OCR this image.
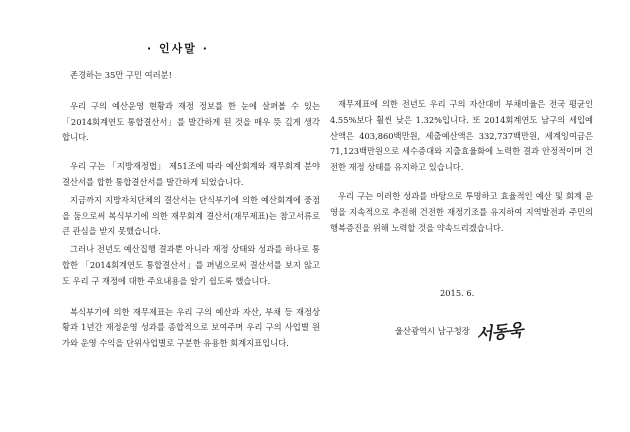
· 인사말 ·

존경하는 35만 구민 여러분!

우리 구의 예산운영 현황과 재정 정보를 한 눈에 살펴볼 수 있는 「2014회계연도 통합결산서」를 발간하게 된 것을 매우 뜻 깊게 생각합니다.

우리 구는 「지방재정법」 제51조에 따라 예산회계와 재무회계 분야 결산서를 합한 통합결산서를 발간하게 되었습니다.

지금까지 지방자치단체의 결산서는 단식부기에 의한 예산회계에 중점을 둠으로써 복식부기에 의한 재무회계 결산서(재무제표)는 참고서류로 큰 관심을 받지 못했습니다.

그러나 전년도 예산집행 결과뿐 아니라 재정 상태와 성과를 하나로 통합한 「2014회계연도 통합결산서」를 펴냄으로써 결산서를 보지 않고도 우리 구 재정에 대한 주요내용을 알기 쉽도록 했습니다.

복식부기에 의한 재무제표는 우리 구의 예산과 자산, 부채 등 재정상황과 1년간 재정운영 성과를 종합적으로 보여주며 우리 구의 사업별 원가와 운영 수익을 단위사업별로 구분한 유용한 회계지표입니다.

재무제표에 의한 전년도 우리 구의 자산대비 부채비율은 전국 평균인 4.55%보다 훨씬 낮은 1.32%입니다. 또 2014회계연도 남구의 세입예산액은 403,860백만원, 세출예산액은 332,737백만원, 세계잉여금은 71,123백만원으로 세수증대와 지출효율화에 노력한 결과 안정적이며 건전한 재정 상태를 유지하고 있습니다.

우리 구는 이러한 성과를 바탕으로 투명하고 효율적인 예산 및 회계 운영을 지속적으로 추진해 건전한 재정기조를 유지하여 지역발전과 주민의 행복증진을 위해 노력할 것을 약속드리겠습니다.

2015. 6.
울산광역시 남구청장 서동욱
